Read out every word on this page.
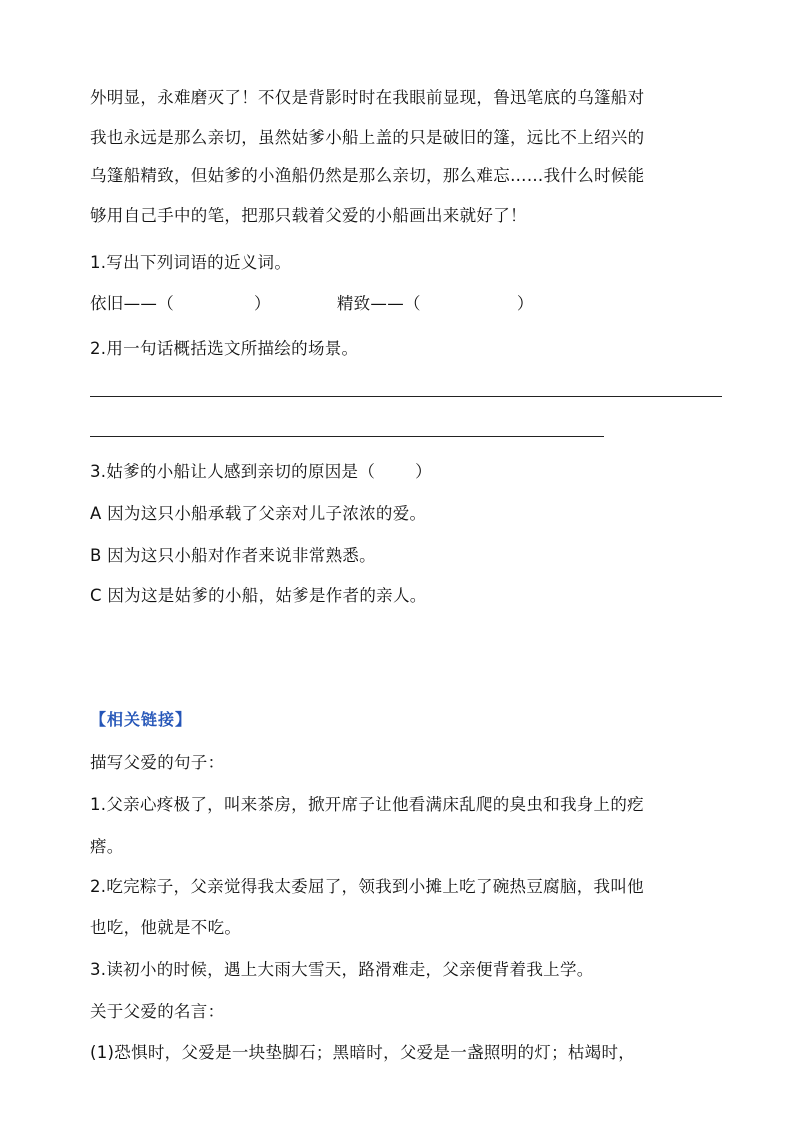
外明显，永难磨灭了！不仅是背影时时在我眼前显现，鲁迅笔底的乌篷船对
我也永远是那么亲切，虽然姑爹小船上盖的只是破旧的篷，远比不上绍兴的
乌篷船精致，但姑爹的小渔船仍然是那么亲切，那么难忘……我什么时候能
够用自己手中的笔，把那只载着父爱的小船画出来就好了！
1.写出下列词语的近义词。
依旧——（	）	精致——（	）
2.用一句话概括选文所描绘的场景。
3.姑爹的小船让人感到亲切的原因是（ ）
A 因为这只小船承载了父亲对儿子浓浓的爱。
B 因为这只小船对作者来说非常熟悉。
C 因为这是姑爹的小船，姑爹是作者的亲人。
【相关链接】
描写父爱的句子：
1.父亲心疼极了，叫来茶房，掀开席子让他看满床乱爬的臭虫和我身上的疙
瘩。
2.吃完粽子，父亲觉得我太委屈了，领我到小摊上吃了碗热豆腐脑，我叫他
也吃，他就是不吃。
3.读初小的时候，遇上大雨大雪天，路滑难走，父亲便背着我上学。
关于父爱的名言：
(1)恐惧时，父爱是一块垫脚石；黑暗时，父爱是一盏照明的灯；枯竭时，
